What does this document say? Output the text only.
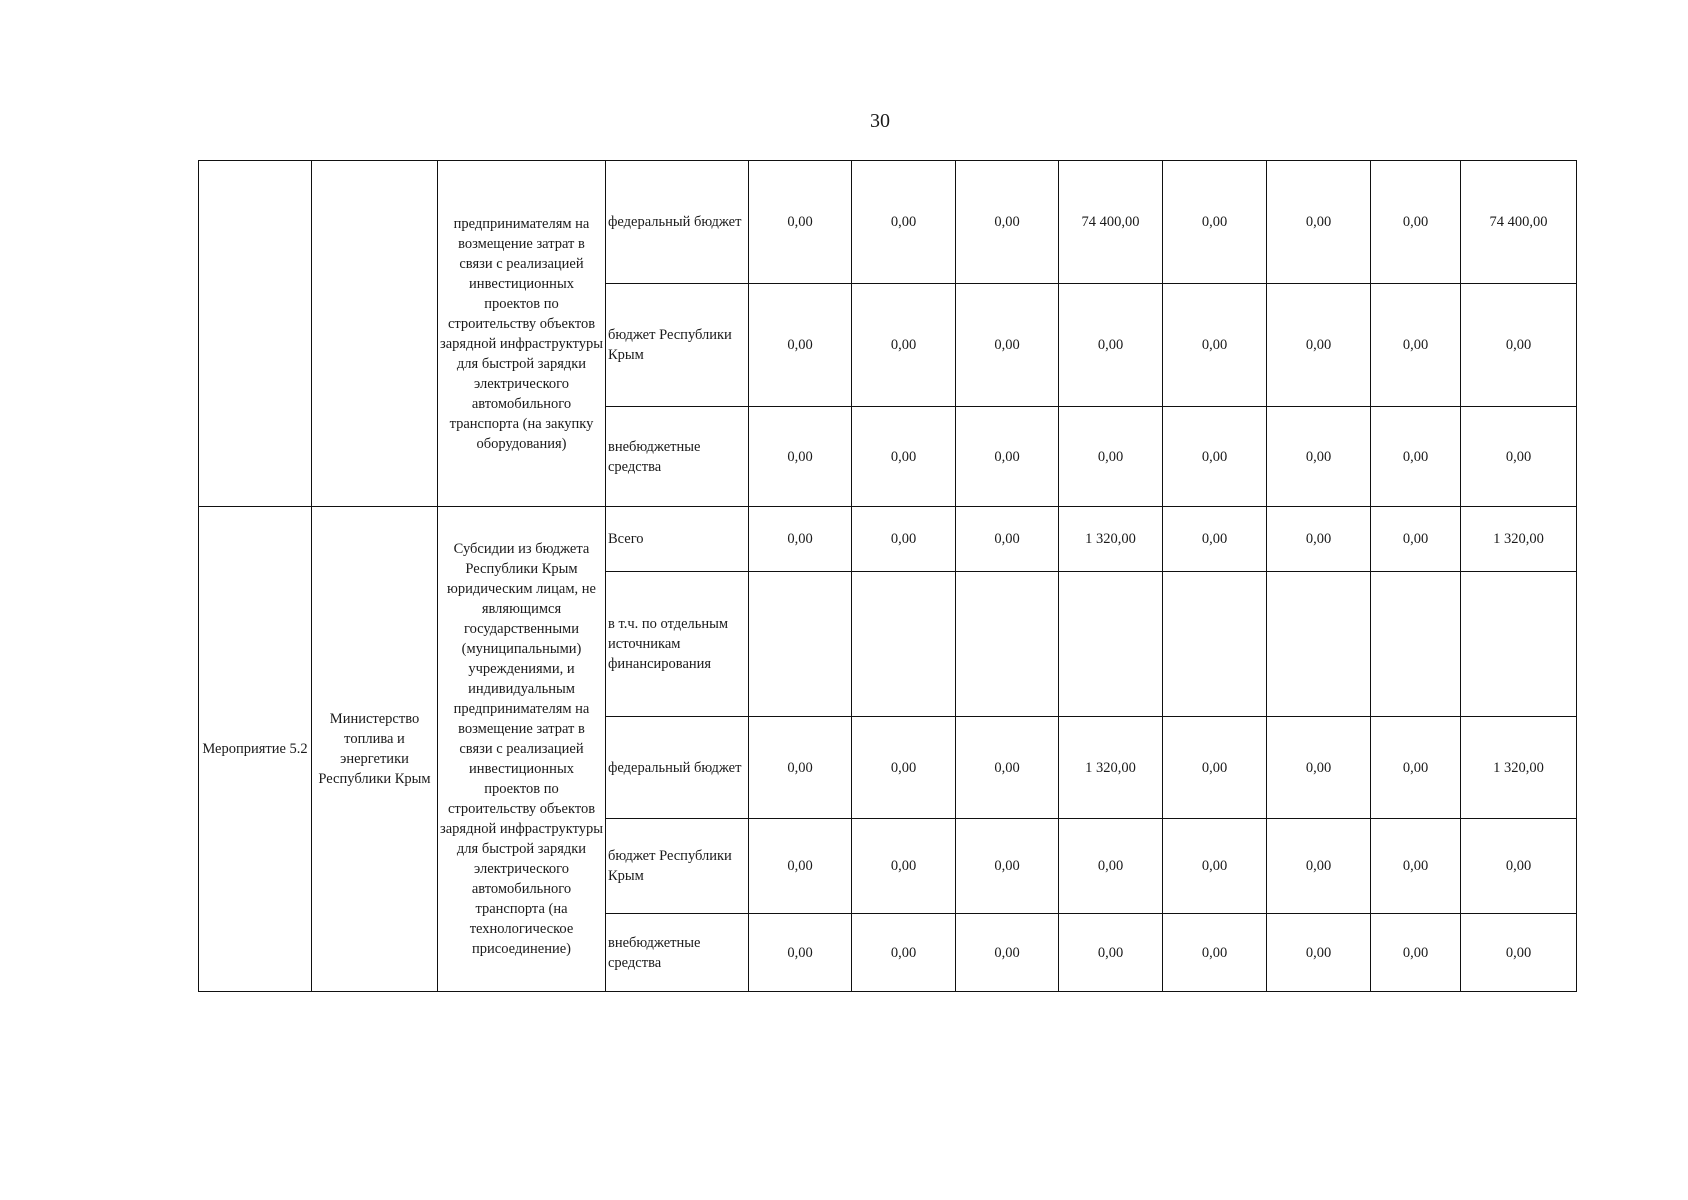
30
		предпринимателям на возмещение затрат в связи с реализацией инвестиционных проектов по строительству объектов зарядной инфраструктуры для быстрой зарядки электрического автомобильного транспорта (на закупку оборудования)	федеральный бюджет	0,00	0,00	0,00	74 400,00	0,00	0,00	0,00	74 400,00
			бюджет Республики Крым	0,00	0,00	0,00	0,00	0,00	0,00	0,00	0,00
			внебюджетные средства	0,00	0,00	0,00	0,00	0,00	0,00	0,00	0,00
Мероприятие 5.2	Министерство топлива и энергетики Республики Крым	Субсидии из бюджета Республики Крым юридическим лицам, не являющимся государственными (муниципальными) учреждениями, и индивидуальным предпринимателям на возмещение затрат в связи с реализацией инвестиционных проектов по строительству объектов зарядной инфраструктуры для быстрой зарядки электрического автомобильного транспорта (на технологическое присоединение)	Всего	0,00	0,00	0,00	1 320,00	0,00	0,00	0,00	1 320,00
			в т.ч. по отдельным источникам финансирования								
			федеральный бюджет	0,00	0,00	0,00	1 320,00	0,00	0,00	0,00	1 320,00
			бюджет Республики Крым	0,00	0,00	0,00	0,00	0,00	0,00	0,00	0,00
			внебюджетные средства	0,00	0,00	0,00	0,00	0,00	0,00	0,00	0,00
